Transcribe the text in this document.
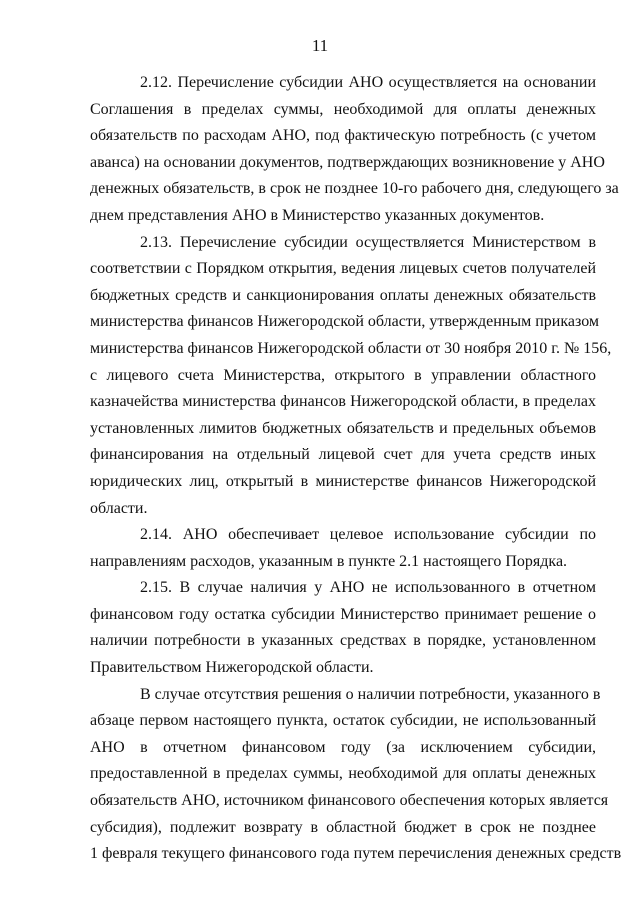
11

2.12. Перечисление субсидии АНО осуществляется на основании
Соглашения в пределах суммы, необходимой для оплаты денежных
обязательств по расходам АНО, под фактическую потребность (с учетом
аванса) на основании документов, подтверждающих возникновение у АНО
денежных обязательств, в срок не позднее 10-го рабочего дня, следующего за
днем представления АНО в Министерство указанных документов.

2.13. Перечисление субсидии осуществляется Министерством в
соответствии с Порядком открытия, ведения лицевых счетов получателей
бюджетных средств и санкционирования оплаты денежных обязательств
министерства финансов Нижегородской области, утвержденным приказом
министерства финансов Нижегородской области от 30 ноября 2010 г. № 156,
с лицевого счета Министерства, открытого в управлении областного
казначейства министерства финансов Нижегородской области, в пределах
установленных лимитов бюджетных обязательств и предельных объемов
финансирования на отдельный лицевой счет для учета средств иных
юридических лиц, открытый в министерстве финансов Нижегородской
области.

2.14. АНО обеспечивает целевое использование субсидии по
направлениям расходов, указанным в пункте 2.1 настоящего Порядка.

2.15. В случае наличия у АНО не использованного в отчетном
финансовом году остатка субсидии Министерство принимает решение о
наличии потребности в указанных средствах в порядке, установленном
Правительством Нижегородской области.

В случае отсутствия решения о наличии потребности, указанного в
абзаце первом настоящего пункта, остаток субсидии, не использованный
АНО в отчетном финансовом году (за исключением субсидии,
предоставленной в пределах суммы, необходимой для оплаты денежных
обязательств АНО, источником финансового обеспечения которых является
субсидия), подлежит возврату в областной бюджет в срок не позднее
1 февраля текущего финансового года путем перечисления денежных средств
